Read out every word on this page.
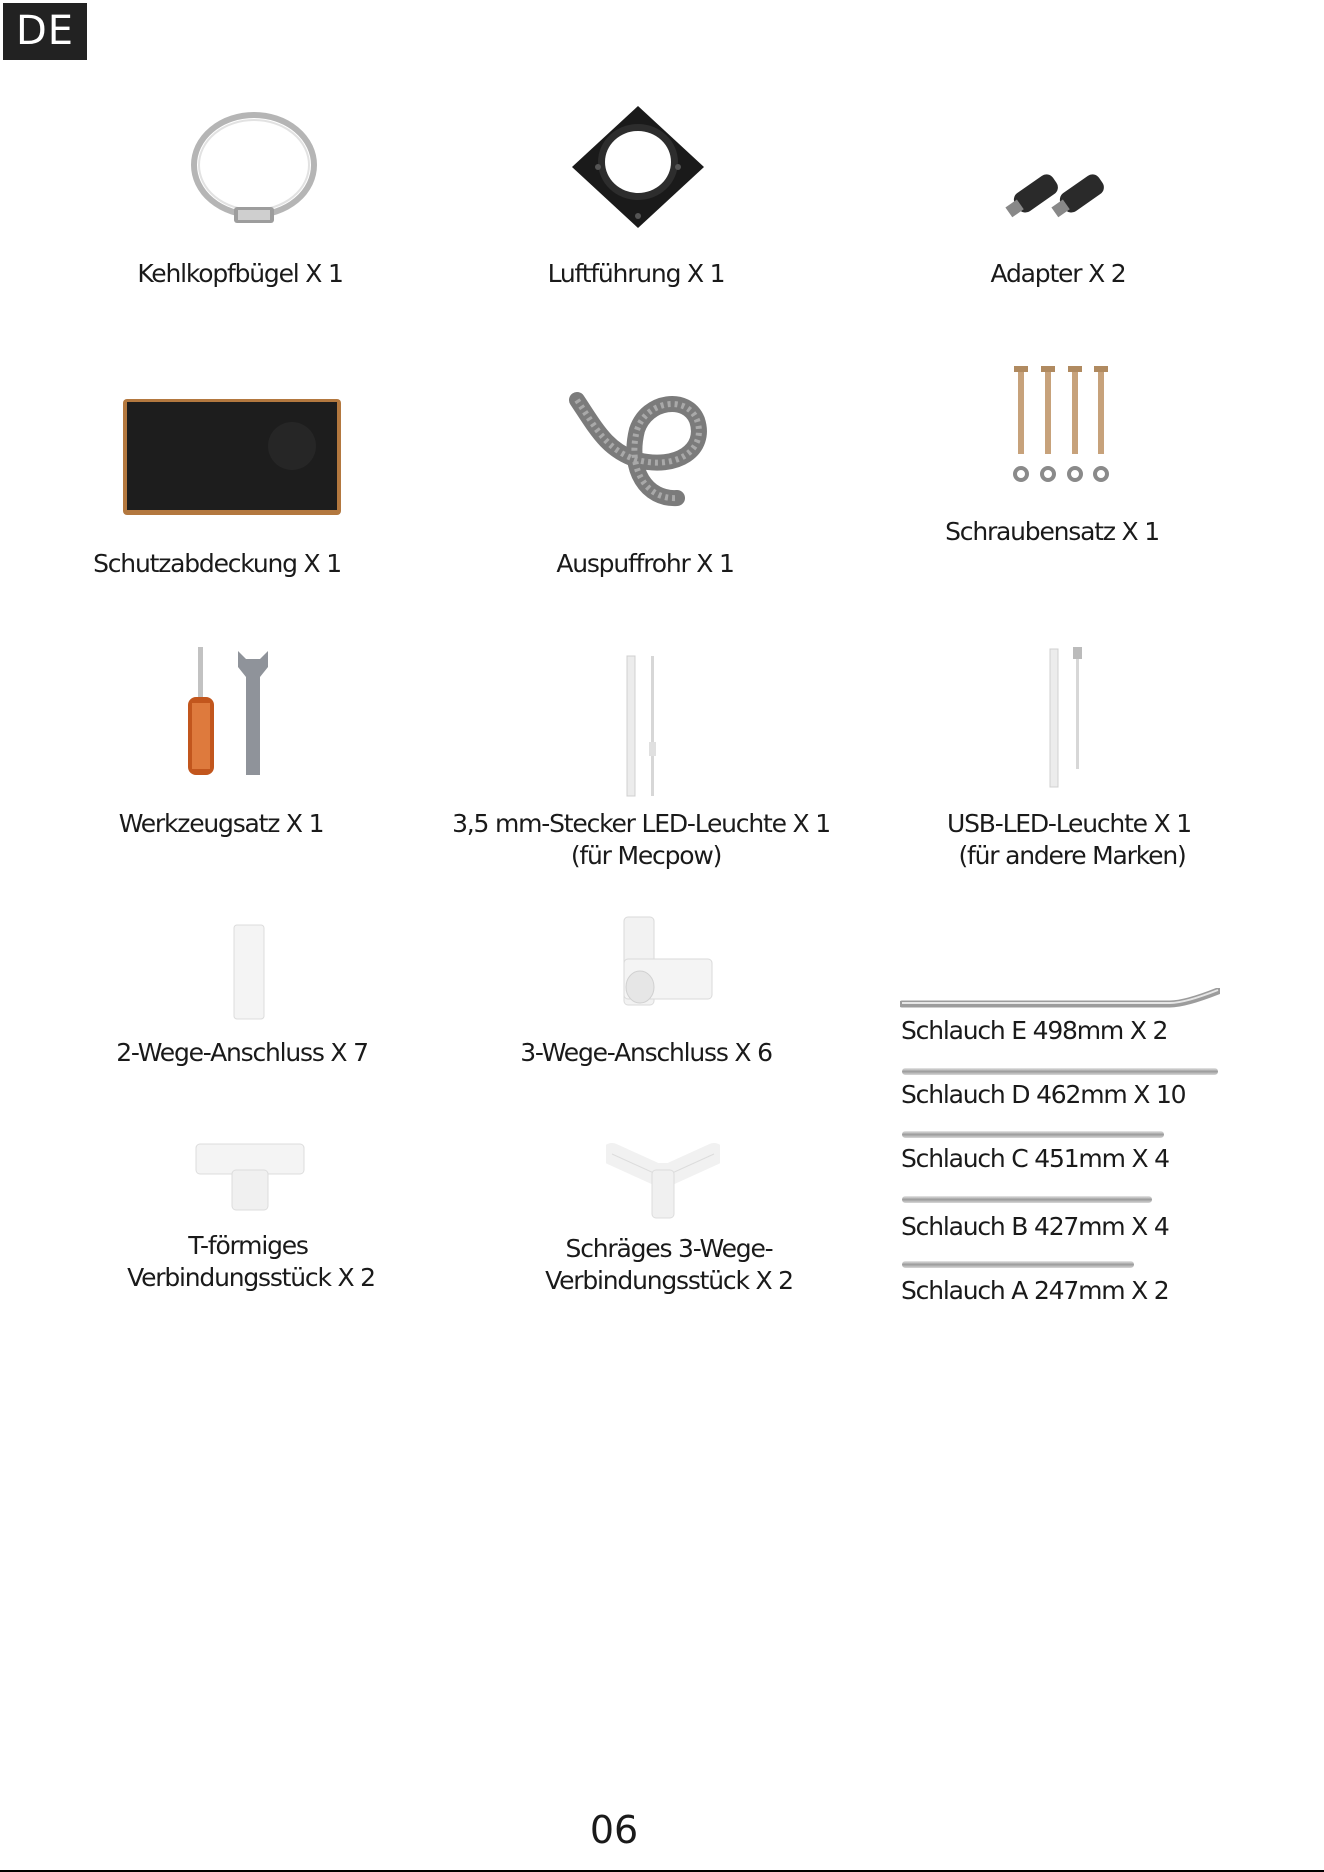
DE
Kehlkopfbügel X 1	Luftführung X 1	Adapter X 2
Schutzabdeckung X 1	Auspuffrohr X 1
Schraubensatz X 1
Werkzeugsatz X 1	3,5 mm-Stecker LED-Leuchte X 1
(für Mecpow)
USB-LED-Leuchte X 1
(für andere Marken)
2-Wege-Anschluss X 7	3-Wege-Anschluss X 6
T-förmiges
Verbindungsstück X 2
Schräges 3-Wege-
Verbindungsstück X 2
Schlauch E 498mm X 2
Schlauch D 462mm X 10
Schlauch C 451mm X 4
Schlauch B 427mm X 4
Schlauch A 247mm X 2
06
